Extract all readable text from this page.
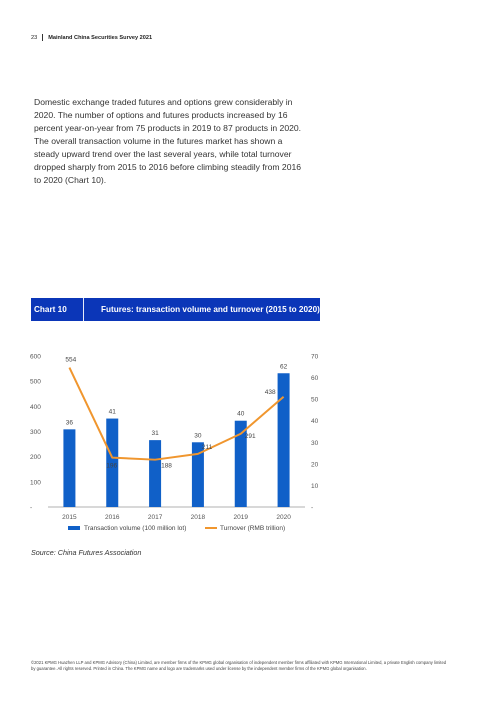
23 Mainland China Securities Survey 2021

Domestic exchange traded futures and options grew considerably in 2020. The number of options and futures products increased by 16 percent year-on-year from 75 products in 2019 to 87 products in 2020. The overall transaction volume in the futures market has shown a steady upward trend over the last several years, while total turnover dropped sharply from 2015 to 2016 before climbing steadily from 2016 to 2020 (Chart 10).

Chart 10	Futures: transaction volume and turnover (2015 to 2020)
-
100
200
300
400
500
600
-
10
20
30
40
50
60
70
36
41
31	30
40
62
2015	2016	2017	2018	2019	2020
554
196	188
211
291
438
Transaction volume (100 million lot)	Turnover (RMB trillion)
Source: China Futures Association
©2021 KPMG Huazhen LLP and KPMG Advisory (China) Limited, are member firms of the KPMG global organisation of independent member firms affiliated with KPMG International Limited, a private English company limited by guarantee. All rights reserved. Printed in China. The KPMG name and logo are trademarks used under license by the independent member firms of the KPMG global organisation.
